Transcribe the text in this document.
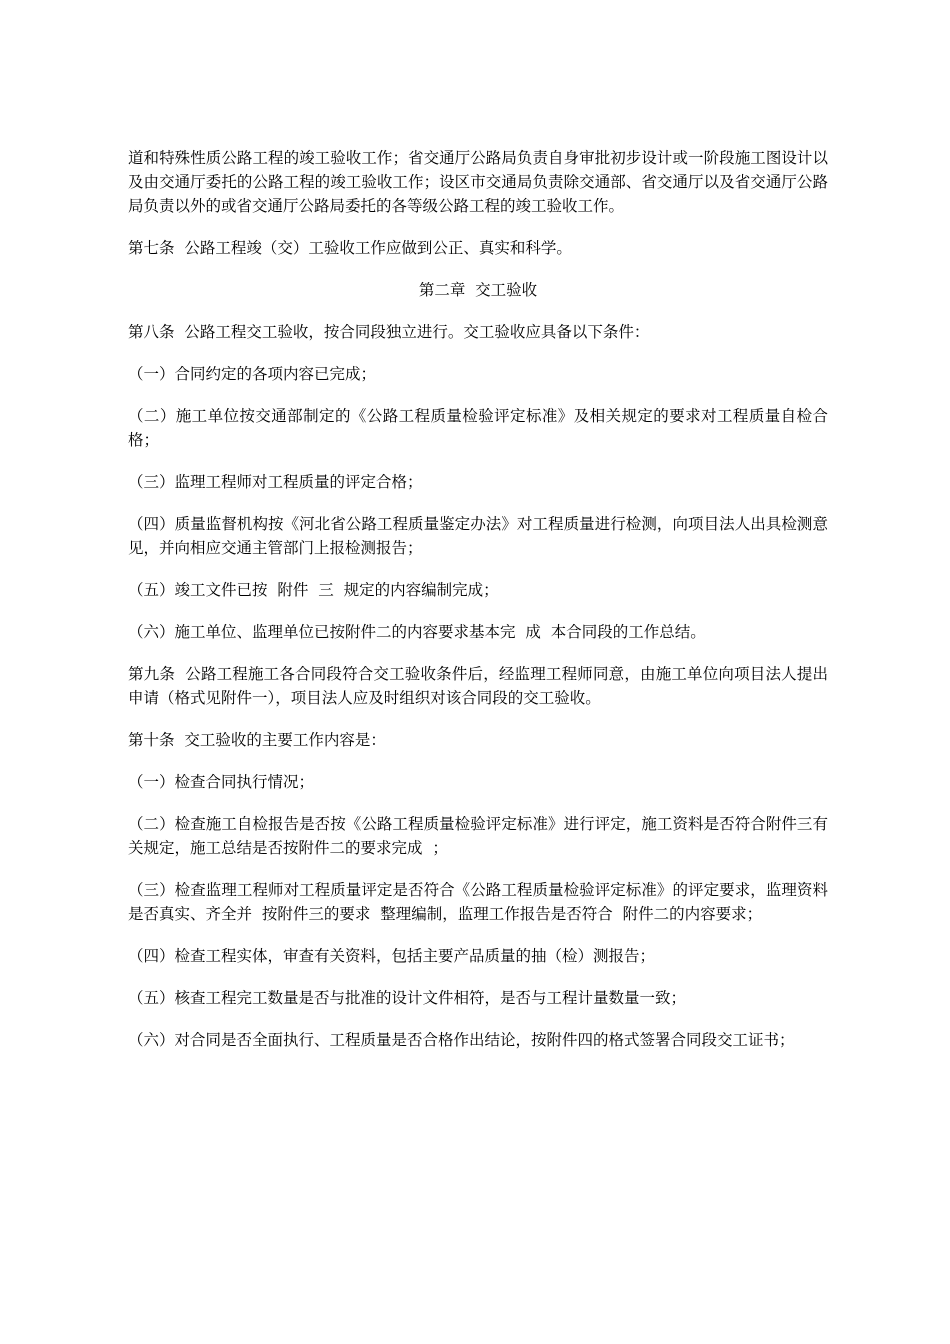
道和特殊性质公路工程的竣工验收工作；省交通厅公路局负责自身审批初步设计或一阶段施工图设计以及由交通厅委托的公路工程的竣工验收工作；设区市交通局负责除交通部、省交通厅以及省交通厅公路局负责以外的或省交通厅公路局委托的各等级公路工程的竣工验收工作。

第七条  公路工程竣（交）工验收工作应做到公正、真实和科学。

第二章  交工验收

第八条  公路工程交工验收，按合同段独立进行。交工验收应具备以下条件：

（一）合同约定的各项内容已完成；

（二）施工单位按交通部制定的《公路工程质量检验评定标准》及相关规定的要求对工程质量自检合格；

（三）监理工程师对工程质量的评定合格；

（四）质量监督机构按《河北省公路工程质量鉴定办法》对工程质量进行检测，向项目法人出具检测意见，并向相应交通主管部门上报检测报告；

（五）竣工文件已按  附件  三  规定的内容编制完成；

（六）施工单位、监理单位已按附件二的内容要求基本完  成  本合同段的工作总结。

第九条  公路工程施工各合同段符合交工验收条件后，经监理工程师同意，由施工单位向项目法人提出申请（格式见附件一），项目法人应及时组织对该合同段的交工验收。

第十条  交工验收的主要工作内容是：

（一）检查合同执行情况；

（二）检查施工自检报告是否按《公路工程质量检验评定标准》进行评定，施工资料是否符合附件三有关规定，施工总结是否按附件二的要求完成  ；

（三）检查监理工程师对工程质量评定是否符合《公路工程质量检验评定标准》的评定要求，监理资料是否真实、齐全并  按附件三的要求  整理编制，监理工作报告是否符合  附件二的内容要求；

（四）检查工程实体，审查有关资料，包括主要产品质量的抽（检）测报告；

（五）核查工程完工数量是否与批准的设计文件相符，是否与工程计量数量一致；

（六）对合同是否全面执行、工程质量是否合格作出结论，按附件四的格式签署合同段交工证书；
